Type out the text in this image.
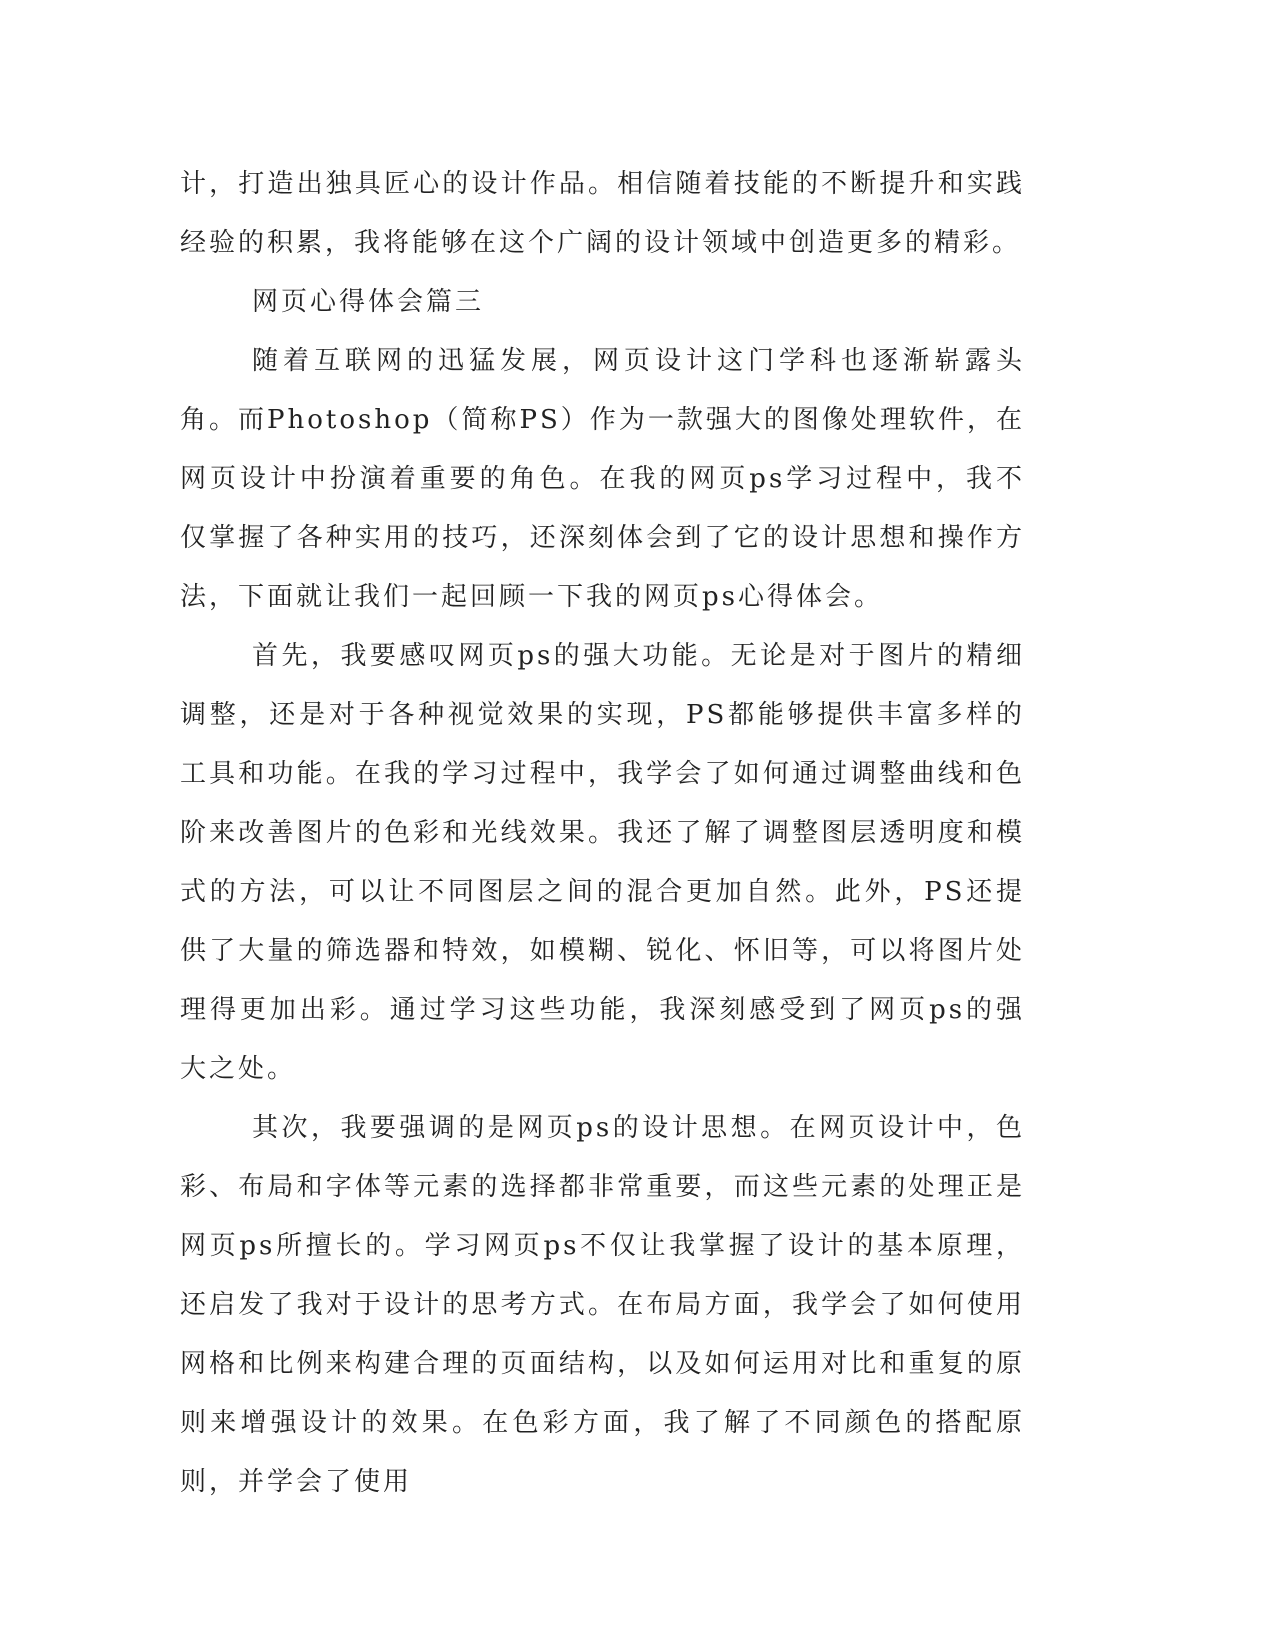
计，打造出独具匠心的设计作品。相信随着技能的不断提升和实践经验的积累，我将能够在这个广阔的设计领域中创造更多的精彩。

网页心得体会篇三

随着互联网的迅猛发展，网页设计这门学科也逐渐崭露头角。而Photoshop（简称PS）作为一款强大的图像处理软件，在网页设计中扮演着重要的角色。在我的网页ps学习过程中，我不仅掌握了各种实用的技巧，还深刻体会到了它的设计思想和操作方法，下面就让我们一起回顾一下我的网页ps心得体会。

首先，我要感叹网页ps的强大功能。无论是对于图片的精细调整，还是对于各种视觉效果的实现，PS都能够提供丰富多样的工具和功能。在我的学习过程中，我学会了如何通过调整曲线和色阶来改善图片的色彩和光线效果。我还了解了调整图层透明度和模式的方法，可以让不同图层之间的混合更加自然。此外，PS还提供了大量的筛选器和特效，如模糊、锐化、怀旧等，可以将图片处理得更加出彩。通过学习这些功能，我深刻感受到了网页ps的强大之处。

其次，我要强调的是网页ps的设计思想。在网页设计中，色彩、布局和字体等元素的选择都非常重要，而这些元素的处理正是网页ps所擅长的。学习网页ps不仅让我掌握了设计的基本原理，还启发了我对于设计的思考方式。在布局方面，我学会了如何使用网格和比例来构建合理的页面结构，以及如何运用对比和重复的原则来增强设计的效果。在色彩方面，我了解了不同颜色的搭配原则，并学会了使用
